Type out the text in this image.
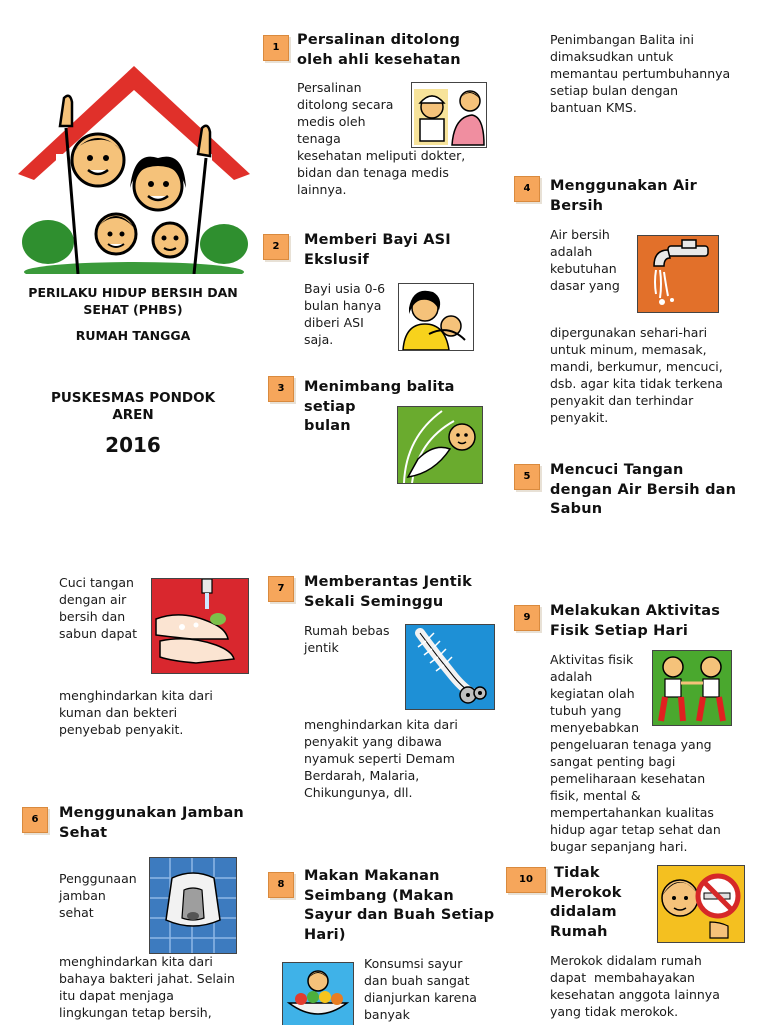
PERILAKU HIDUP BERSIH DAN
SEHAT (PHBS)
RUMAH TANGGA
PUSKESMAS PONDOK
AREN
2016
1	Persalinan ditolong
oleh ahli kesehatan
Persalinan
ditolong secara
medis oleh
tenaga
kesehatan meliputi dokter,
bidan dan tenaga medis
lainnya.
2	Memberi Bayi ASI
Ekslusif
Bayi usia 0-6
bulan hanya
diberi ASI
saja.
3	Menimbang balita
setiap
bulan
Penimbangan Balita ini
dimaksudkan untuk
memantau pertumbuhannya
setiap bulan dengan
bantuan KMS.
4	Menggunakan Air
Bersih
Air bersih
adalah
kebutuhan
dasar yang
dipergunakan sehari-hari
untuk minum, memasak,
mandi, berkumur, mencuci,
dsb. agar kita tidak terkena
penyakit dan terhindar
penyakit.
5	Mencuci Tangan
dengan Air Bersih dan
Sabun
Cuci tangan
dengan air
bersih dan
sabun dapat
menghindarkan kita dari
kuman dan bekteri
penyebab penyakit.
6	Menggunakan Jamban
Sehat
Penggunaan
jamban
sehat
menghindarkan kita dari
bahaya bakteri jahat. Selain
itu dapat menjaga
lingkungan tetap bersih,
7	Memberantas Jentik
Sekali Seminggu
Rumah bebas
jentik
menghindarkan kita dari
penyakit yang dibawa
nyamuk seperti Demam
Berdarah, Malaria,
Chikungunya, dll.
8
Makan Makanan
Seimbang (Makan
Sayur dan Buah Setiap
Hari)
Konsumsi sayur
dan buah sangat
dianjurkan karena
banyak
9	Melakukan Aktivitas
Fisik Setiap Hari
Aktivitas fisik
adalah
kegiatan olah
tubuh yang
menyebabkan
pengeluaran tenaga yang
sangat penting bagi
pemeliharaan kesehatan
fisik, mental &
mempertahankan kualitas
hidup agar tetap sehat dan
bugar sepanjang hari.
10	Tidak
Merokok
didalam
Rumah
Merokok didalam rumah
dapat  membahayakan
kesehatan anggota lainnya
yang tidak merokok.
